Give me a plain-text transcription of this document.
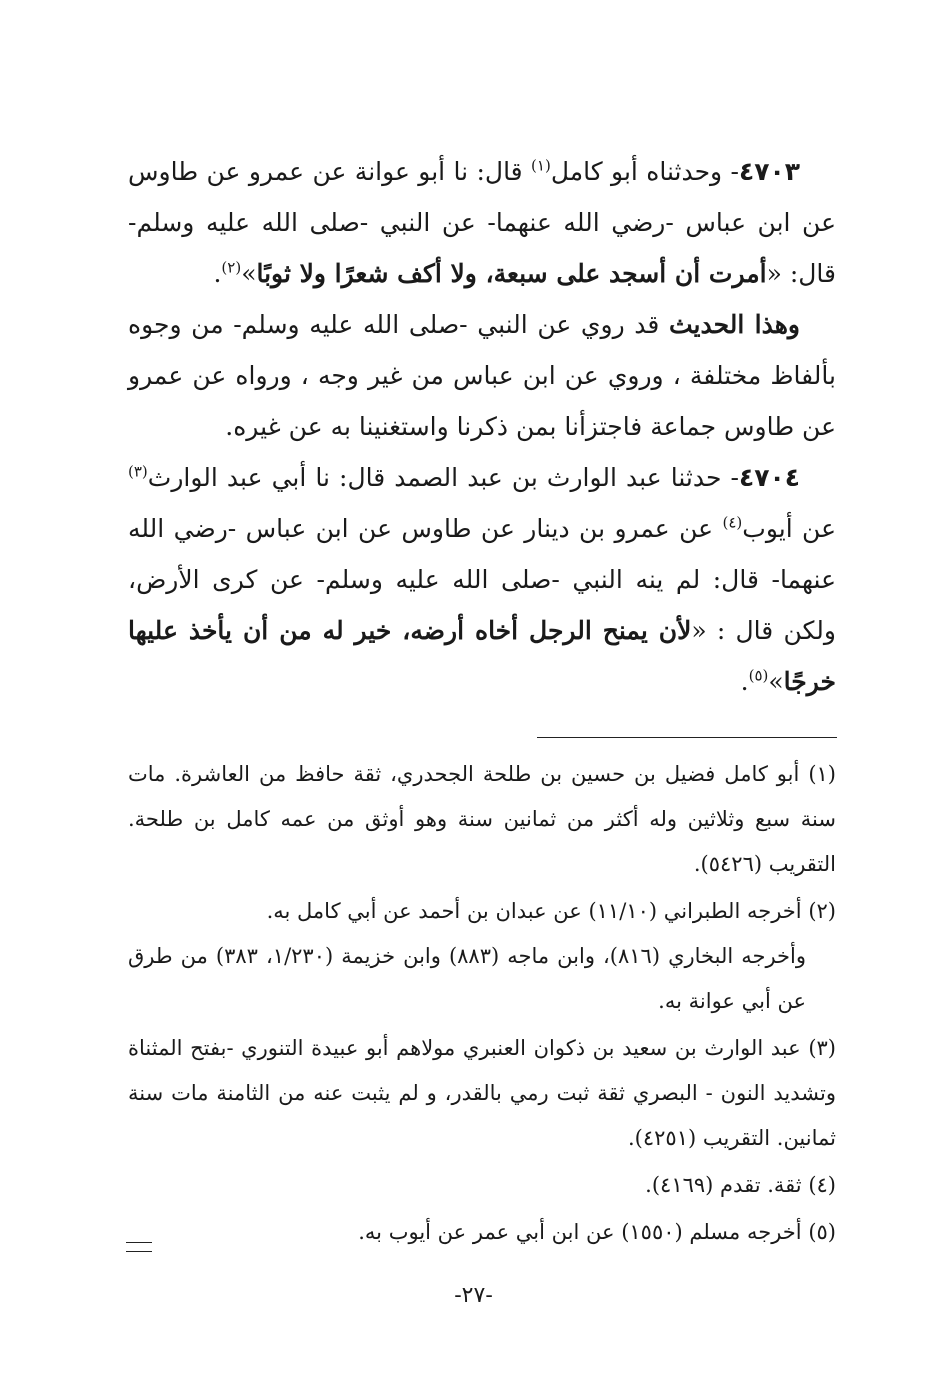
٤٧٠٣- وحدثناه أبو كامل$^{(١)}$ قال: نا أبو عوانة عن عمرو عن طاوس عن ابن عباس -رضي الله عنهما- عن النبي -صلى الله عليه وسلم- قال: «أمرت أن أسجد على سبعة، ولا أكف شعرًا ولا ثوبًا»$^{(٢)}$.

وهذا الحديث قد روي عن النبي -صلى الله عليه وسلم- من وجوه بألفاظ مختلفة ، وروي عن ابن عباس من غير وجه ، ورواه عن عمرو عن طاوس جماعة فاجتزأنا بمن ذكرنا واستغنينا به عن غيره.

٤٧٠٤- حدثنا عبد الوارث بن عبد الصمد قال: نا أبي عبد الوارث$^{(٣)}$ عن أيوب$^{(٤)}$ عن عمرو بن دينار عن طاوس عن ابن عباس -رضي الله عنهما- قال: لم ينه النبي -صلى الله عليه وسلم- عن كرى الأرض، ولكن قال : «لأن يمنح الرجل أخاه أرضه، خير له من أن يأخذ عليها خرجًا»$^{(٥)}$.

(١) أبو كامل فضيل بن حسين بن طلحة الجحدري، ثقة حافظ من العاشرة. مات سنة سبع وثلاثين وله أكثر من ثمانين سنة وهو أوثق من عمه كامل بن طلحة. التقريب (٥٤٢٦).

(٢) أخرجه الطبراني (١١/١٠) عن عبدان بن أحمد عن أبي كامل به.
وأخرجه البخاري (٨١٦)، وابن ماجه (٨٨٣) وابن خزيمة (١/٢٣٠، ٣٨٣) من طرق عن أبي عوانة به.

(٣) عبد الوارث بن سعيد بن ذكوان العنبري مولاهم أبو عبيدة التنوري -بفتح المثناة وتشديد النون - البصري ثقة ثبت رمي بالقدر، و لم يثبت عنه من الثامنة مات سنة ثمانين. التقريب (٤٢٥١).

(٤) ثقة. تقدم (٤١٦٩).

(٥) أخرجه مسلم (١٥٥٠) عن ابن أبي عمر عن أيوب به.

-٢٧-
